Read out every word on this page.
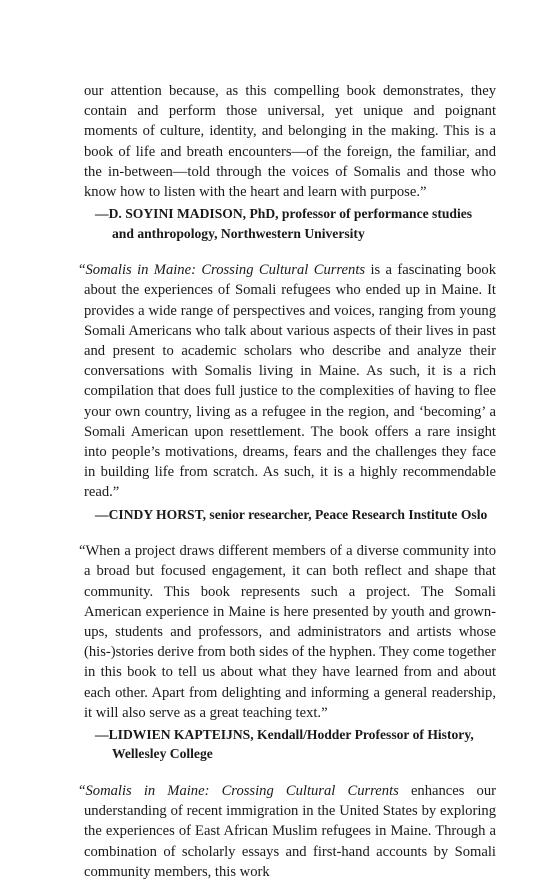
our attention because, as this compelling book demonstrates, they contain and perform those universal, yet unique and poignant moments of culture, identity, and belonging in the making. This is a book of life and breath encounters—of the foreign, the familiar, and the in-between—told through the voices of Somalis and those who know how to listen with the heart and learn with purpose.”

—D. SOYINI MADISON, PhD, professor of performance studies and anthropology, Northwestern University

“Somalis in Maine: Crossing Cultural Currents is a fascinating book about the experiences of Somali refugees who ended up in Maine. It provides a wide range of perspectives and voices, ranging from young Somali Americans who talk about various aspects of their lives in past and present to academic scholars who describe and analyze their conversations with Somalis living in Maine. As such, it is a rich compilation that does full justice to the complexities of having to flee your own country, living as a refugee in the region, and ‘becoming’ a Somali American upon resettlement. The book offers a rare insight into people’s motivations, dreams, fears and the challenges they face in building life from scratch. As such, it is a highly recommendable read.”

—CINDY HORST, senior researcher, Peace Research Institute Oslo

“When a project draws different members of a diverse community into a broad but focused engagement, it can both reflect and shape that community. This book represents such a project. The Somali American experience in Maine is here presented by youth and grown-ups, students and professors, and administrators and artists whose (his-)stories derive from both sides of the hyphen. They come together in this book to tell us about what they have learned from and about each other. Apart from delighting and informing a general readership, it will also serve as a great teaching text.”

—LIDWIEN KAPTEIJNS, Kendall/Hodder Professor of History, Wellesley College

“Somalis in Maine: Crossing Cultural Currents enhances our understanding of recent immigration in the United States by exploring the experiences of East African Muslim refugees in Maine. Through a combination of scholarly essays and first-hand accounts by Somali community members, this work
